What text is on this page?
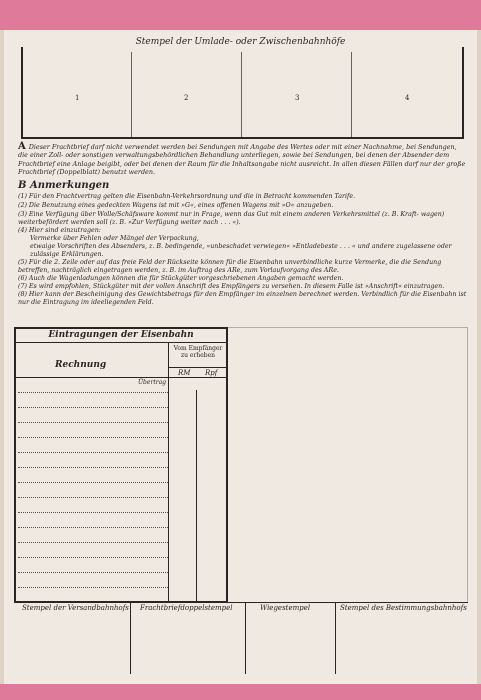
Stempel der Umlade- oder Zwischenbahnhöfe
1	2	3	4
A Dieser Frachtbrief darf nicht verwendet werden bei Sendungen mit Angabe des Wertes oder mit einer Nachnahme, bei Sendungen, die einer Zoll- oder sonstigen verwaltungsbehördlichen Behandlung unterliegen, sowie bei Sendungen, bei denen der Absender dem Frachtbrief eine Anlage beigibt, oder bei denen der Raum für die Inhaltsangabe nicht ausreicht. In allen diesen Fällen darf nur der große Frachtbrief (Doppelblatt) benutzt werden.
B Anmerkungen
(1) Für den Frachtvertrag gelten die Eisenbahn-Verkehrsordnung und die in Betracht kommenden Tarife.
(2) Die Benutzung eines gedeckten Wagens ist mit »G«, eines offenen Wagens mit »O« anzugeben.
(3) Eine Verfügung über Wolle/Schäfsware kommt nur in Frage, wenn das Gut mit einem anderen Verkehrsmittel (z. B. Kraft- wagen) weiterbefördert werden soll (z. B. »Zur Verfügung weiter nach . . . «).
(4) Hier sind einzutragen:
Vermerke über Fehlen oder Mängel der Verpackung,
etwaige Vorschriften des Absenders, z. B. bedingende, »unbeschadet verwiegen« »Entladebeste . . . « und andere zugelassene oder zulässige Erklärungen.
(5) Für die 2. Zeile oder auf das freie Feld der Rückseite können für die Eisenbahn unverbindliche kurze Vermerke, die die Sendung betreffen, nachträglich eingetragen werden, z. B. im Auftrag des ARe, zum Vorlaufvorgang des ARe.
(6) Auch die Wagenladungen können die für Stückgüter vorgeschriebenen Angaben gemacht werden.
(7) Es wird empfohlen, Stückgüter mit der vollen Anschrift des Empfängers zu versehen. In diesem Falle ist »Anschrift« einzutragen.
(8) Hier kann der Bescheinigung des Gewichtsbetrags für den Empfänger im einzelnen berechnet werden. Verbindlich für die Eisenbahn ist nur die Eintragung im ideeliegenden Feld.
Eintragungen der Eisenbahn
Rechnung
Vom Empfänger zu erheben
RM Rpf
Übertrag
Stempel der Versandbahnhofs Frachtbriefdoppelstempel	Wiegestempel	Stempel des Bestimmungsbahnhofs
